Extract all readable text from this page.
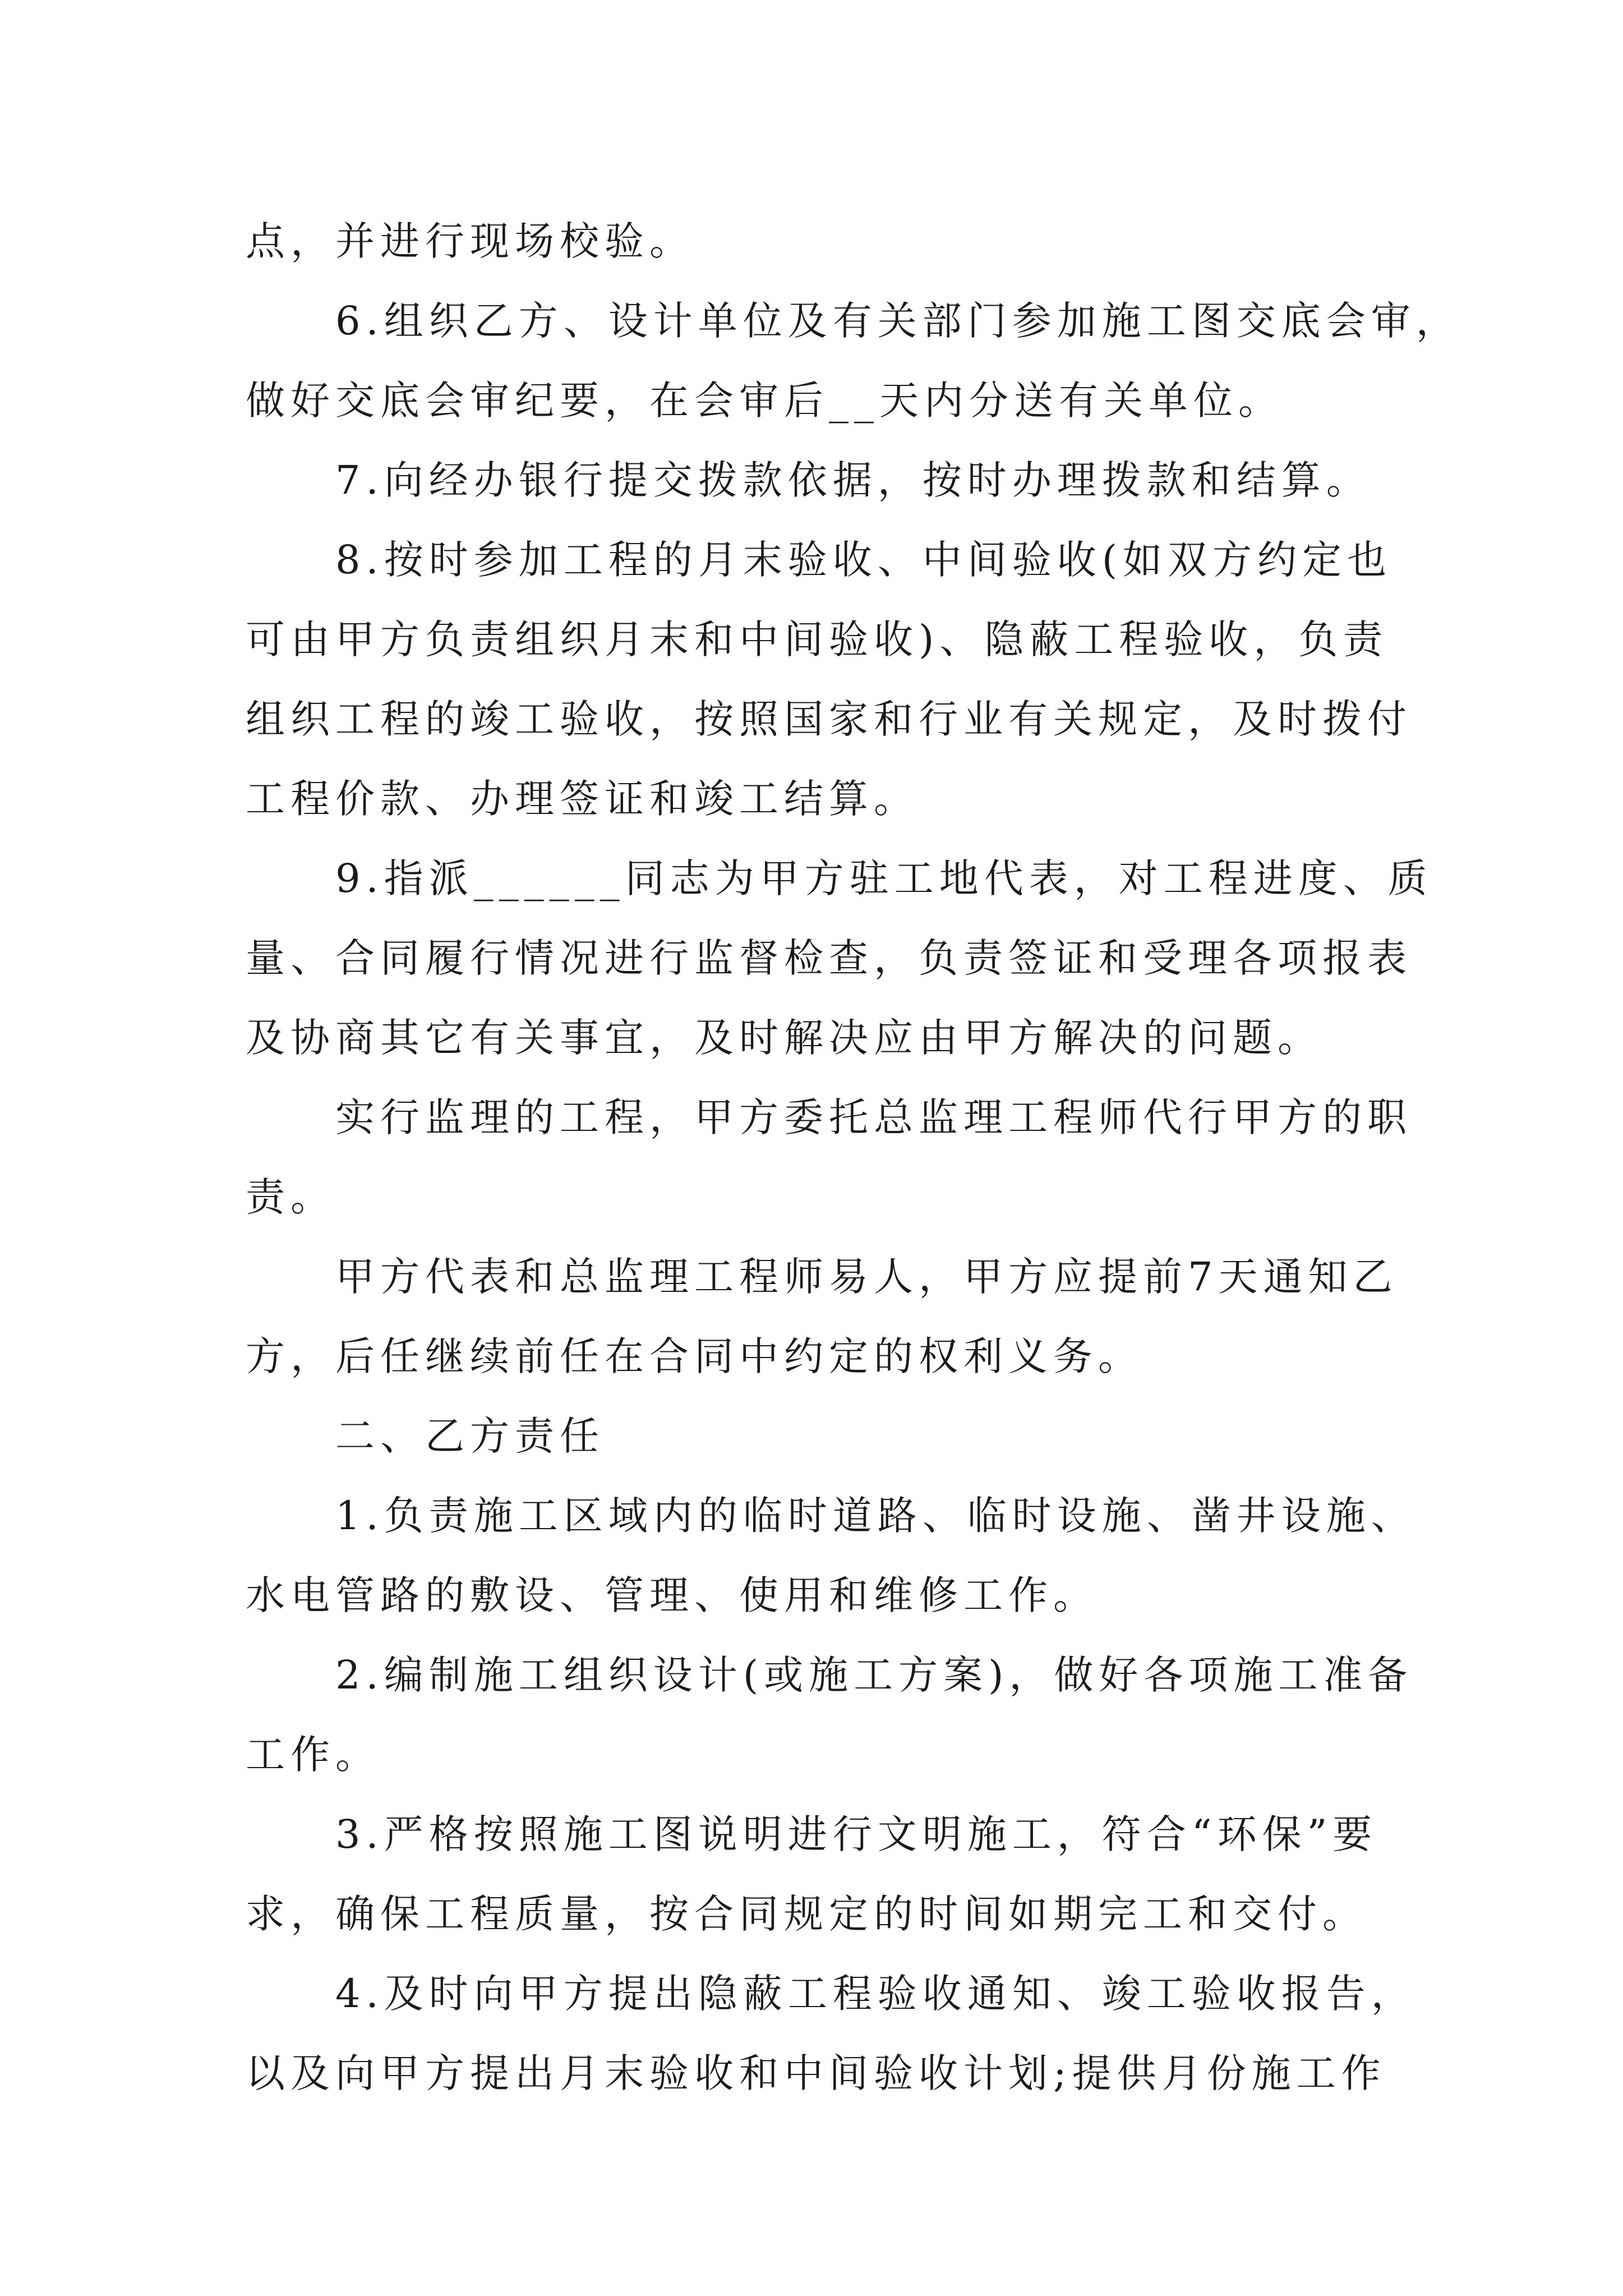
点，并进行现场校验。
6.组织乙方、设计单位及有关部门参加施工图交底会审，
做好交底会审纪要，在会审后__天内分送有关单位。
7.向经办银行提交拨款依据，按时办理拨款和结算。
8.按时参加工程的月末验收、中间验收(如双方约定也
可由甲方负责组织月末和中间验收)、隐蔽工程验收，负责
组织工程的竣工验收，按照国家和行业有关规定，及时拨付
工程价款、办理签证和竣工结算。
9.指派______同志为甲方驻工地代表，对工程进度、质
量、合同履行情况进行监督检查，负责签证和受理各项报表
及协商其它有关事宜，及时解决应由甲方解决的问题。
实行监理的工程，甲方委托总监理工程师代行甲方的职
责。
甲方代表和总监理工程师易人，甲方应提前7天通知乙
方，后任继续前任在合同中约定的权利义务。
二、乙方责任
1.负责施工区域内的临时道路、临时设施、凿井设施、
水电管路的敷设、管理、使用和维修工作。
2.编制施工组织设计(或施工方案)，做好各项施工准备
工作。
3.严格按照施工图说明进行文明施工，符合“环保”要
求，确保工程质量，按合同规定的时间如期完工和交付。
4.及时向甲方提出隐蔽工程验收通知、竣工验收报告，
以及向甲方提出月末验收和中间验收计划;提供月份施工作
